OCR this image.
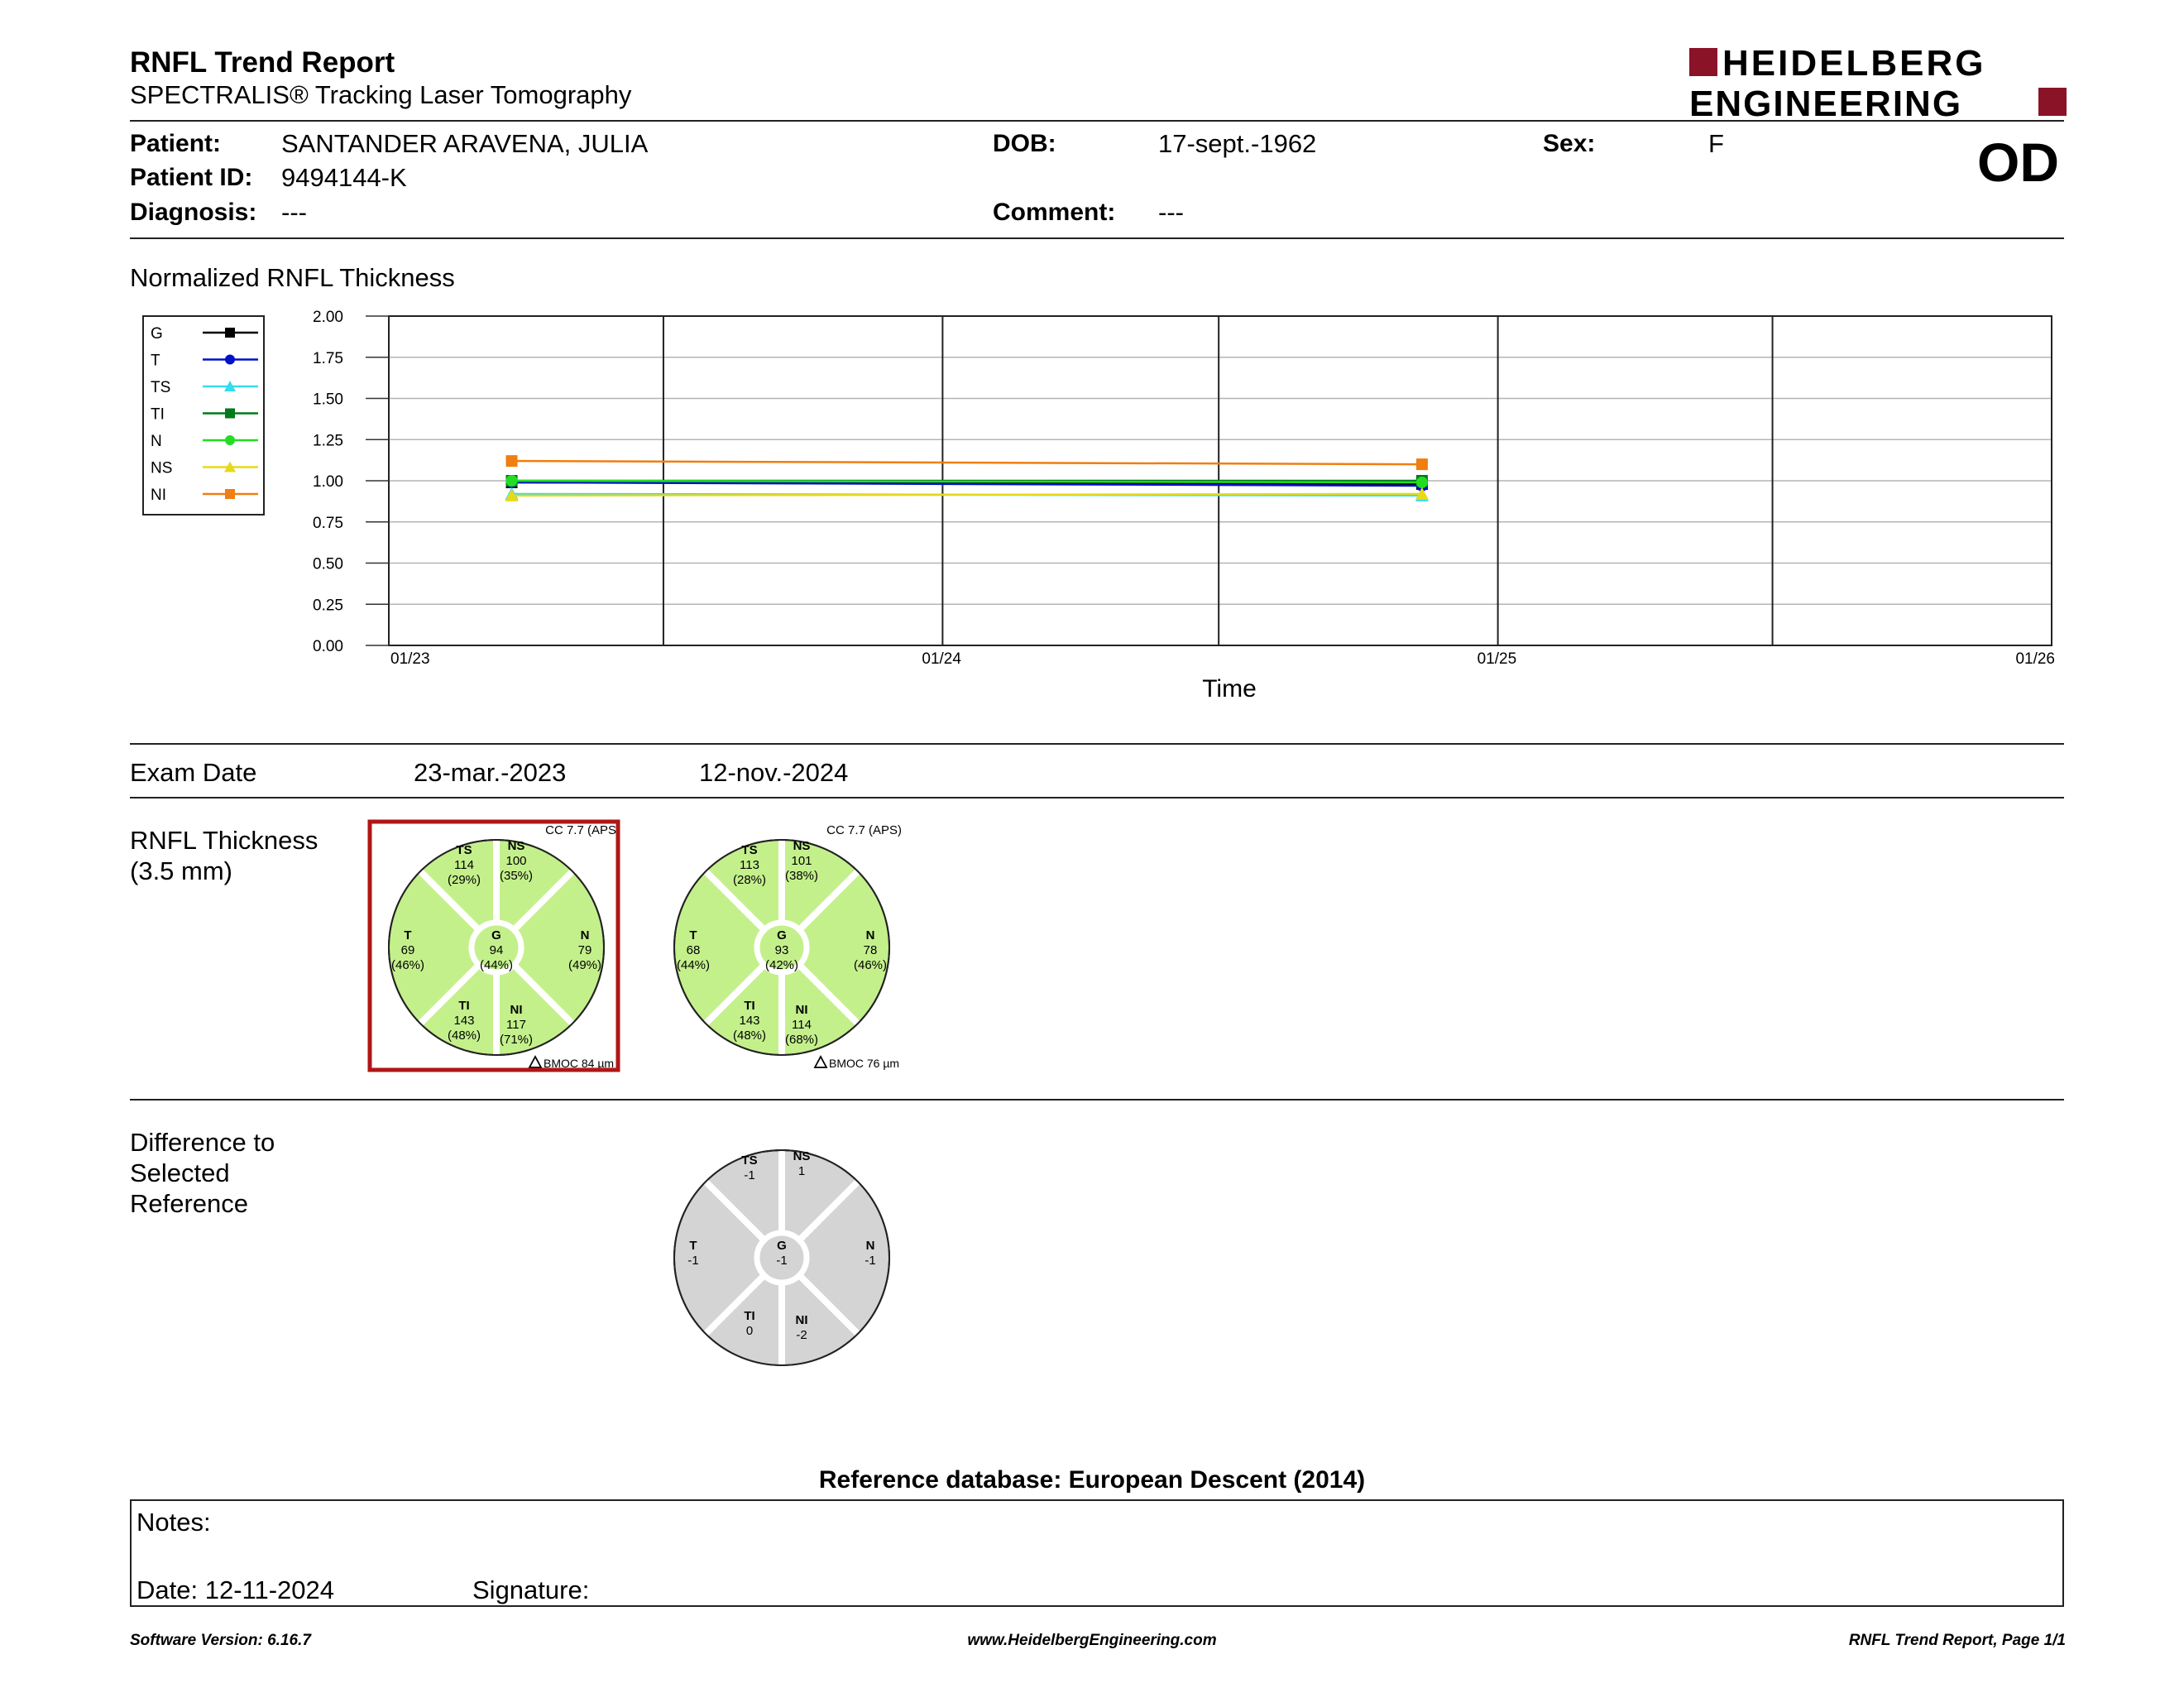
RNFL Trend Report
SPECTRALIS® Tracking Laser Tomography
HEIDELBERG
ENGINEERING
Patient: SANTANDER ARAVENA, JULIA	DOB:	17-sept.-1962	Sex:	F	OD
Patient ID: 9494144-K
Diagnosis: ---	Comment: ---
Normalized RNFL Thickness
G
T
TS
TI
N
NS
NI
0.00
0.25
0.50
0.75
1.00
1.25
1.50
1.75
2.00
01/23	01/24	01/25	01/26
Time
Exam Date	23-mar.-2023	12-nov.-2024
RNFL Thickness
(3.5 mm)
TS
114
(29%)
NS
100
(35%)
T
69
(46%)
G
94
(44%)
N
79
(49%)
TI
143
(48%)
NI
117
(71%)
CC 7.7 (APS
BMOC 84 µm
TS
113
(28%)
NS
101
(38%)
T
68
(44%)
G
93
(42%)
N
78
(46%)
TI
143
(48%)
NI
114
(68%)
CC 7.7 (APS)
BMOC 76 µm
Difference to
Selected
Reference
TS
-1
NS
1
T
-1
G
-1
N
-1
TI
0
NI
-2
Reference database: European Descent (2014)
Notes:
Date: 12-11-2024	Signature:
Software Version: 6.16.7	www.HeidelbergEngineering.com	RNFL Trend Report, Page 1/1
